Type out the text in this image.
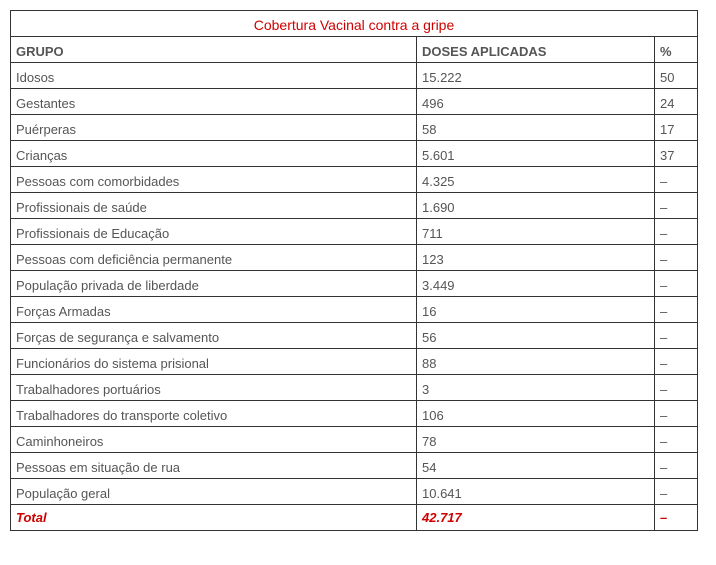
Cobertura Vacinal contra a gripe		
GRUPO	DOSES APLICADAS	%
Idosos	15.222	50
Gestantes	496	24
Puérperas	58	17
Crianças	5.601	37
Pessoas com comorbidades	4.325	–
Profissionais de saúde	1.690	–
Profissionais de Educação	711	–
Pessoas com deficiência permanente	123	–
População privada de liberdade	3.449	–
Forças Armadas	16	–
Forças de segurança e salvamento	56	–
Funcionários do sistema prisional	88	–
Trabalhadores portuários	3	–
Trabalhadores do transporte coletivo	106	–
Caminhoneiros	78	–
Pessoas em situação de rua	54	–
População geral	10.641	–
Total	42.717	–
